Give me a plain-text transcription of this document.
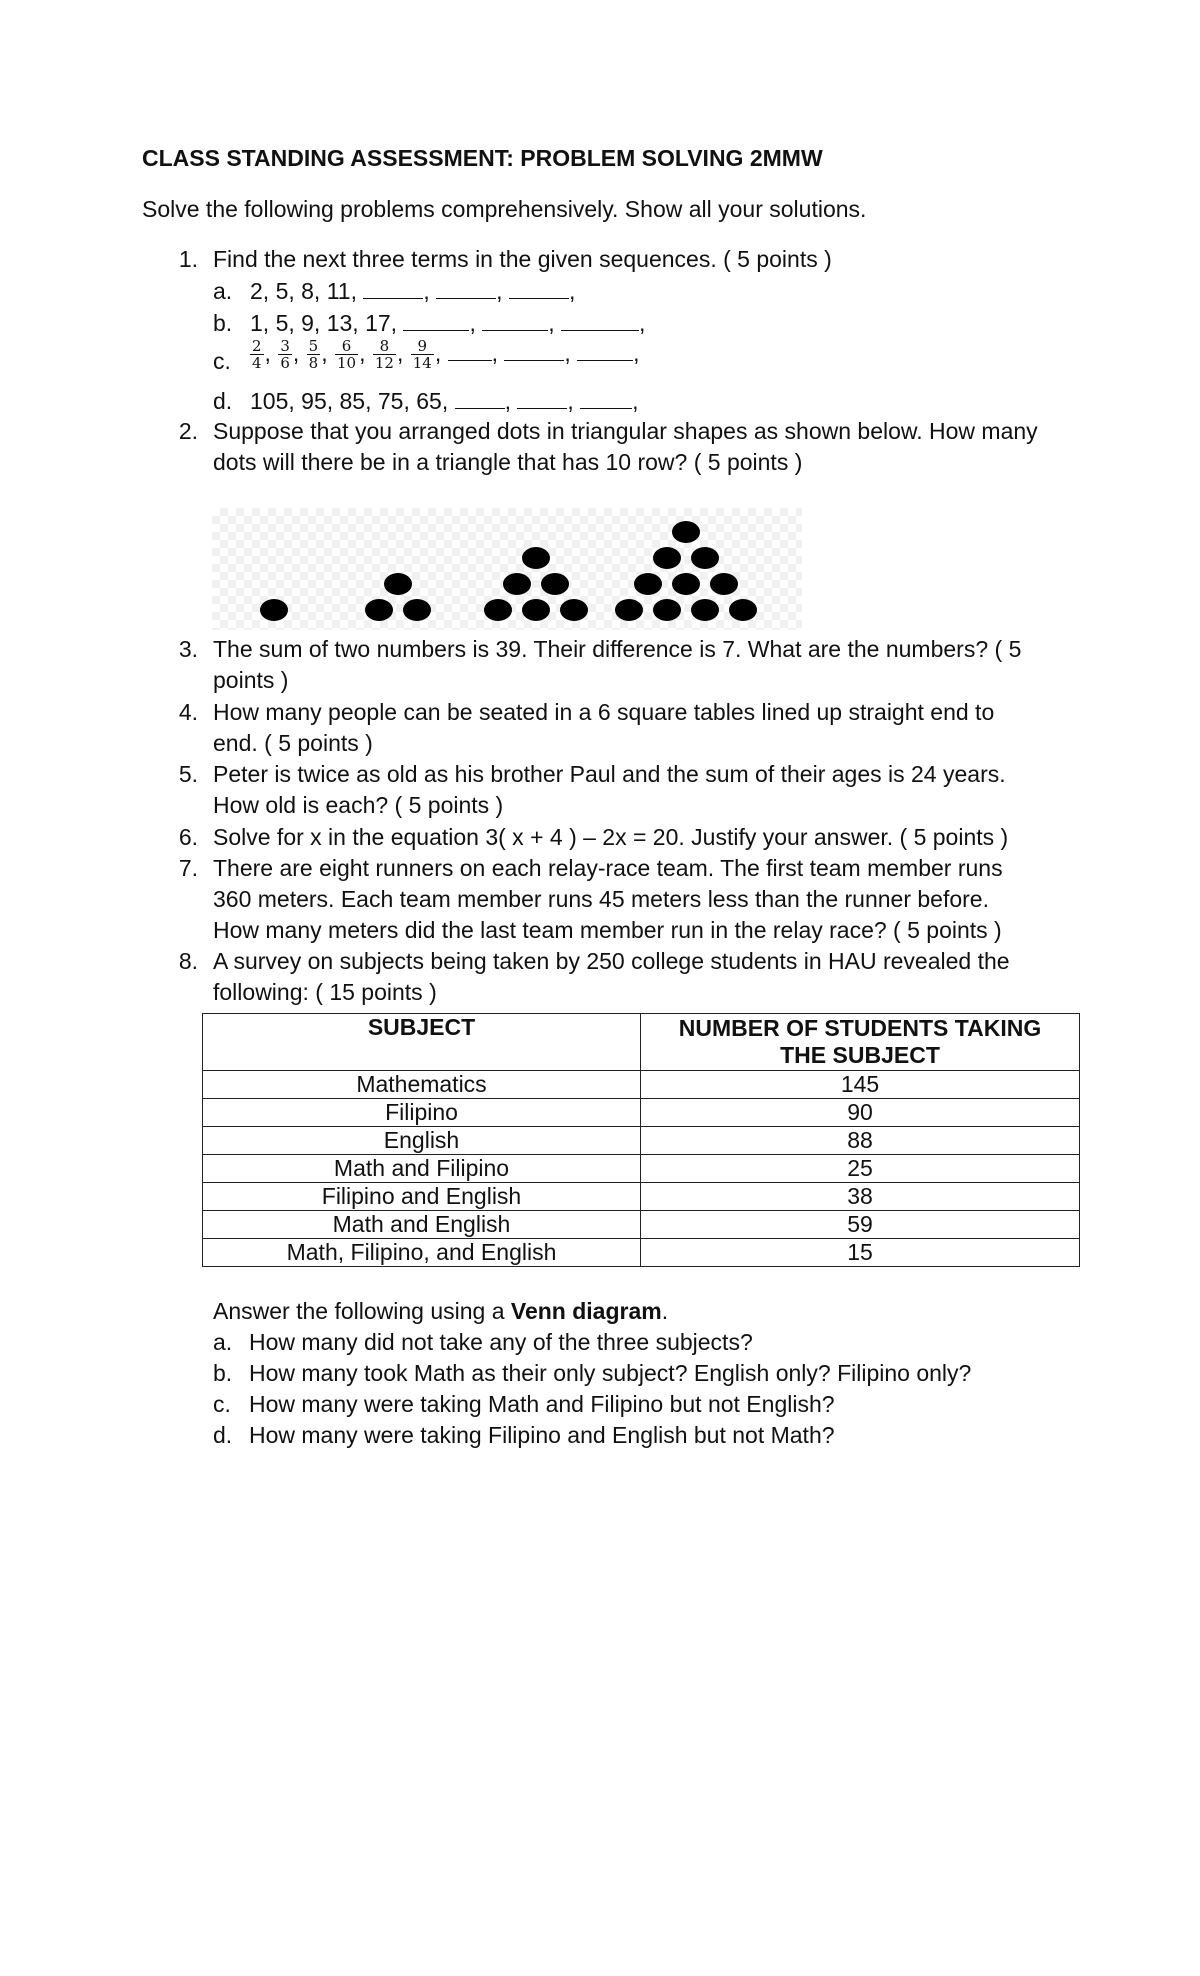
CLASS STANDING ASSESSMENT: PROBLEM SOLVING 2MMW
Solve the following problems comprehensively. Show all your solutions.
1. Find the next three terms in the given sequences. ( 5 points )
a. 2, 5, 8, 11,	,	,	,
b. 1, 5, 9, 13, 17,	,	,	,
c. $\frac{2}{4}$ , $\frac{3}{6}$ , $\frac{5}{8}$ , $\frac{6}{10}$ , $\frac{8}{12}$ , $\frac{9}{14}$ , ,	, ,
d. 105, 95, 85, 75, 65, , , ,
2. Suppose that you arranged dots in triangular shapes as shown below. How many
dots will there be in a triangle that has 10 row? ( 5 points )
3. The sum of two numbers is 39. Their difference is 7. What are the numbers? ( 5
points )
4. How many people can be seated in a 6 square tables lined up straight end to
end. ( 5 points )
5. Peter is twice as old as his brother Paul and the sum of their ages is 24 years.
How old is each? ( 5 points )
6. Solve for x in the equation 3( x + 4 ) – 2x = 20. Justify your answer. ( 5 points )
7. There are eight runners on each relay-race team. The first team member runs
360 meters. Each team member runs 45 meters less than the runner before.
How many meters did the last team member run in the relay race? ( 5 points )
8. A survey on subjects being taken by 250 college students in HAU revealed the
following: ( 15 points )
SUBJECT	NUMBER OF STUDENTS TAKING THE SUBJECT
Mathematics	145
Filipino	90
English	88
Math and Filipino	25
Filipino and English	38
Math and English	59
Math, Filipino, and English	15
Answer the following using a Venn diagram.
a. How many did not take any of the three subjects?
b. How many took Math as their only subject? English only? Filipino only?
c. How many were taking Math and Filipino but not English?
d. How many were taking Filipino and English but not Math?
